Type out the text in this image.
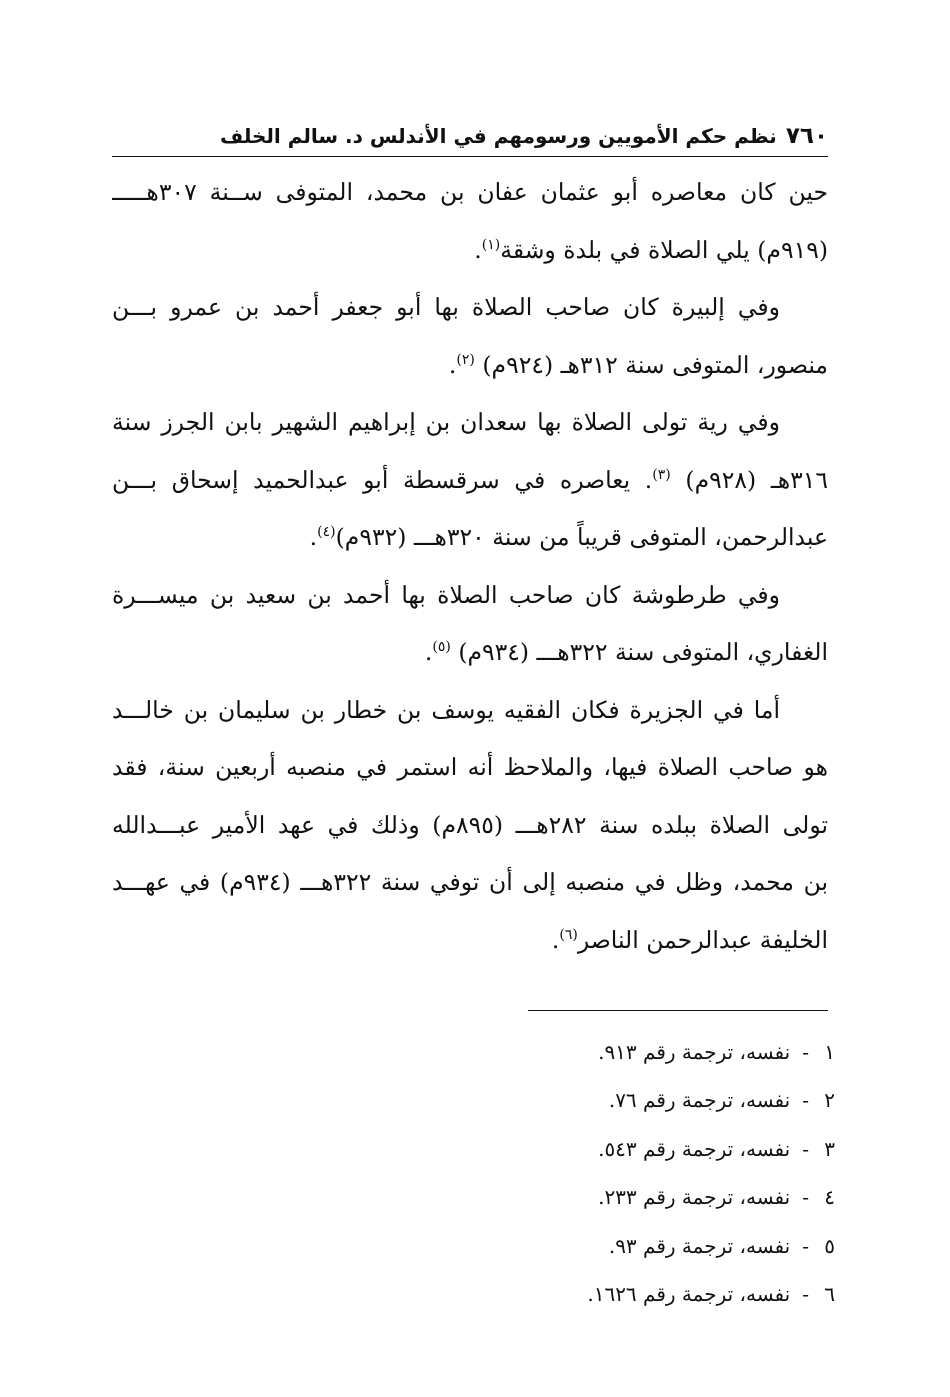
٧٦٠
نظم حكم الأمويين ورسومهم في الأندلس د. سالم الخلف
حين كان معاصره أبو عثمان عفان بن محمد، المتوفى ســنة ٣٠٧هـــــ
(٩١٩م) يلي الصلاة في بلدة وشقة$^{(١)}$.
وفي إلبيرة كان صاحب الصلاة بها أبو جعفر أحمد بن عمرو بـــن
منصور، المتوفى سنة ٣١٢هـ (٩٢٤م) $^{(٢)}$.
وفي رية تولى الصلاة بها سعدان بن إبراهيم الشهير بابن الجرز سنة
٣١٦هـ (٩٢٨م) $^{(٣)}$. يعاصره في سرقسطة أبو عبدالحميد إسحاق بـــن
عبدالرحمن، المتوفى قريباً من سنة ٣٢٠هـــ (٩٣٢م)$^{(٤)}$.
وفي طرطوشة كان صاحب الصلاة بها أحمد بن سعيد بن ميســـرة
الغفاري، المتوفى سنة ٣٢٢هـــ (٩٣٤م) $^{(٥)}$.
أما في الجزيرة فكان الفقيه يوسف بن خطار بن سليمان بن خالـــد
هو صاحب الصلاة فيها، والملاحظ أنه استمر في منصبه أربعين سنة، فقد
تولى الصلاة ببلده سنة ٢٨٢هـــ (٨٩٥م) وذلك في عهد الأمير عبـــدالله
بن محمد، وظل في منصبه إلى أن توفي سنة ٣٢٢هـــ (٩٣٤م) في عهـــد
الخليفة عبدالرحمن الناصر$^{(٦)}$.
١-نفسه، ترجمة رقم ٩١٣.
٢-نفسه، ترجمة رقم ٧٦.
٣-نفسه، ترجمة رقم ٥٤٣.
٤-نفسه، ترجمة رقم ٢٣٣.
٥-نفسه، ترجمة رقم ٩٣.
٦-نفسه، ترجمة رقم ١٦٢٦.
